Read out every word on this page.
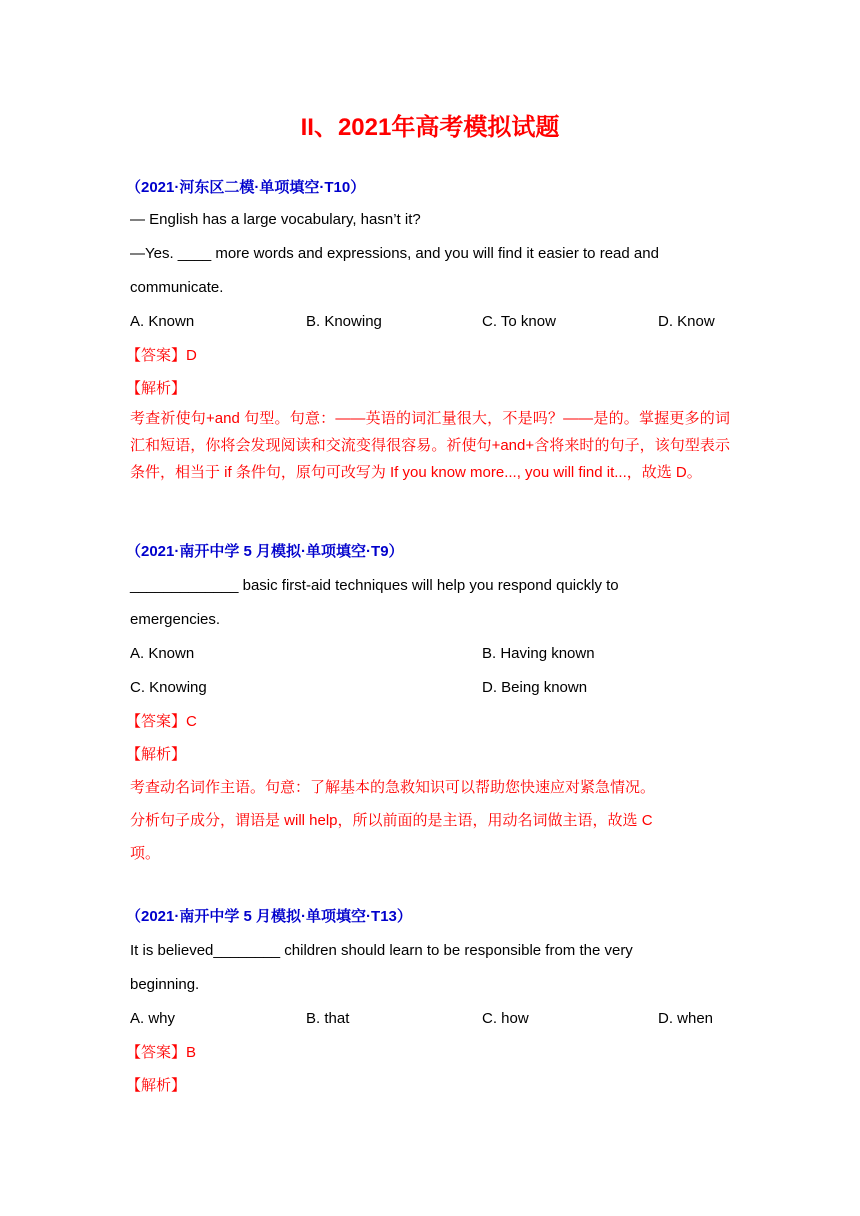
II、2021年高考模拟试题
（2021·河东区二模·单项填空·T10）
— English has a large vocabulary, hasn’t it?
—Yes. ____ more words and expressions, and you will find it easier to read and
communicate.
A. Known	B. Knowing	C. To know	D. Know
【答案】D
【解析】
考查祈使句+and 句型。句意：——英语的词汇量很大，不是吗？——是的。掌握更多的词汇和短语，你将会发现阅读和交流变得很容易。祈使句+and+含将来时的句子，该句型表示条件，相当于 if 条件句，原句可改写为 If you know more..., you will find it...，故选 D。
（2021·南开中学 5 月模拟·单项填空·T9）
_____________ basic first-aid techniques will help you respond quickly to
emergencies.
A. Known	B. Having known
C. Knowing	D. Being known
【答案】C
【解析】
考查动名词作主语。句意：了解基本的急救知识可以帮助您快速应对紧急情况。
分析句子成分，谓语是 will help，所以前面的是主语，用动名词做主语，故选 C
项。
（2021·南开中学 5 月模拟·单项填空·T13）
It is believed________ children should learn to be responsible from the very
beginning.
A. why	B. that	C. how	D. when
【答案】B
【解析】
